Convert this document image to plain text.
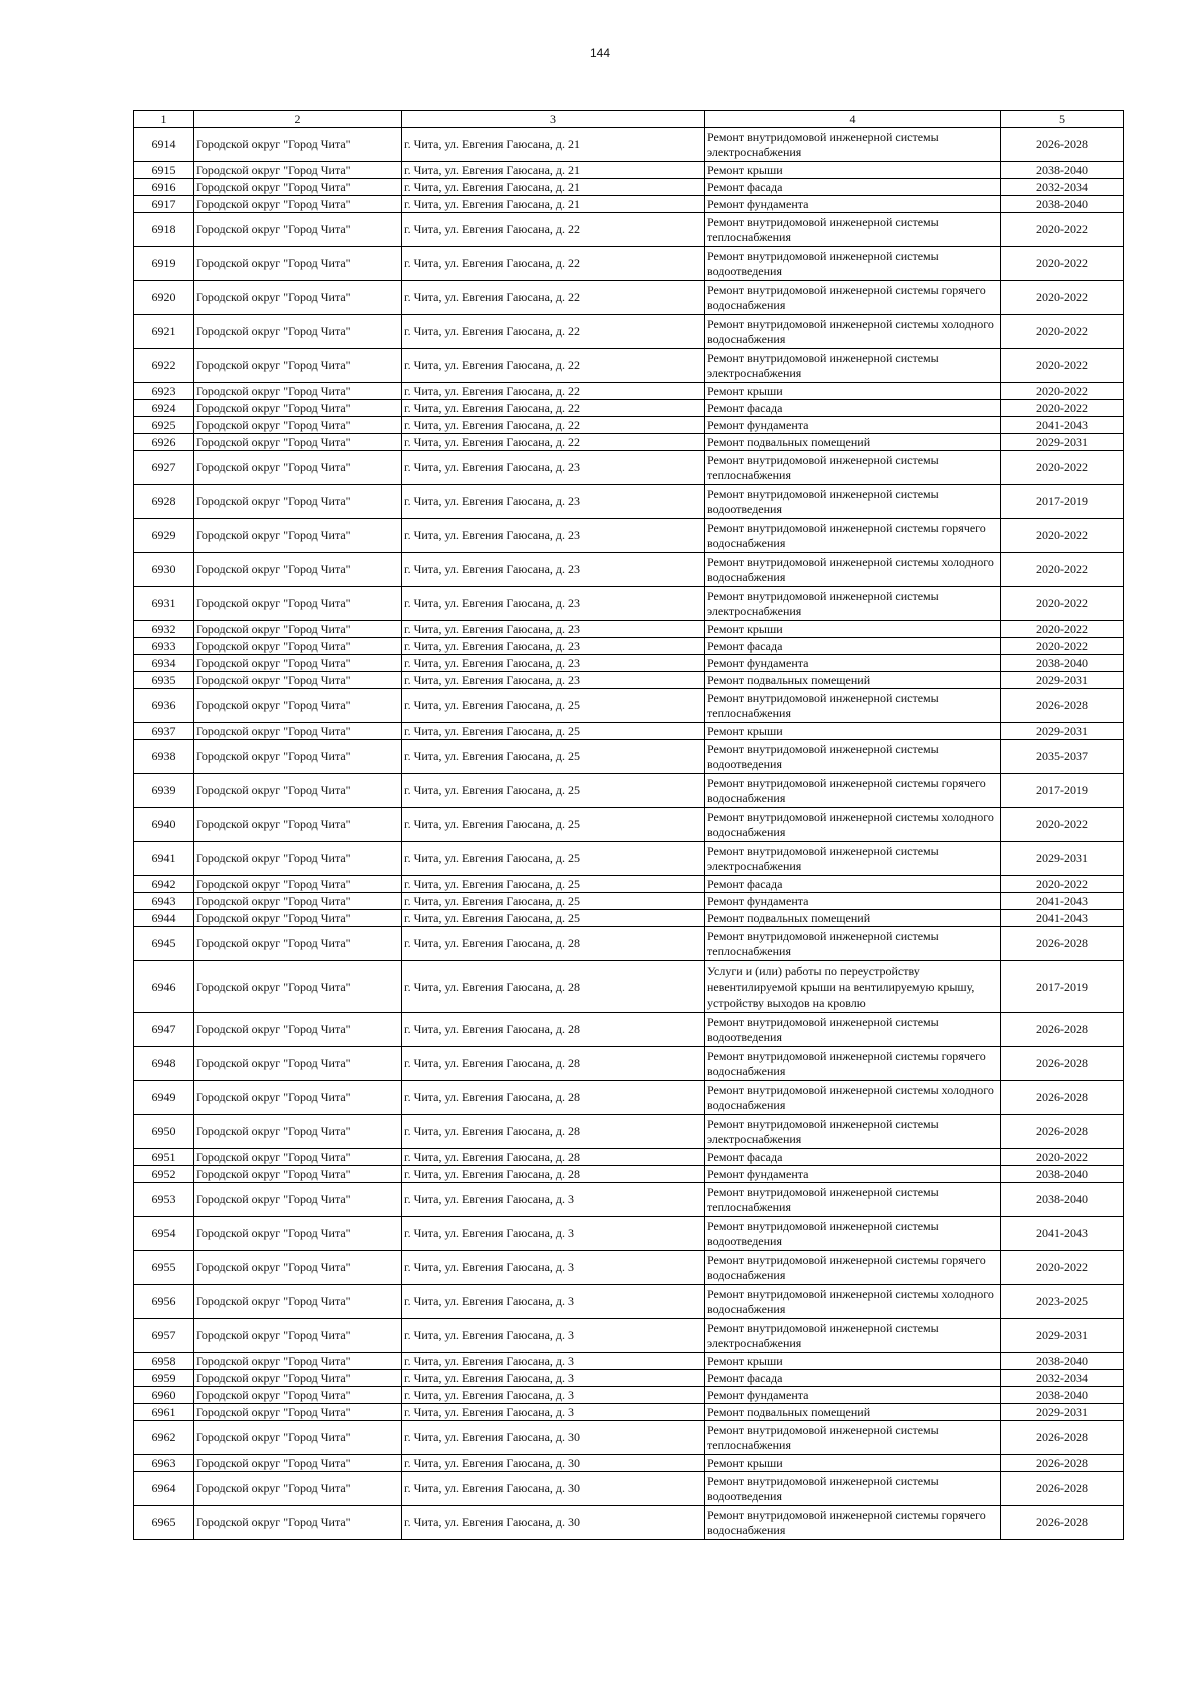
144
1	2	3	4	5
6914	Городской округ "Город Чита"	г. Чита, ул. Евгения Гаюсана, д. 21	Ремонт внутридомовой инженерной системы электроснабжения	2026-2028
6915	Городской округ "Город Чита"	г. Чита, ул. Евгения Гаюсана, д. 21	Ремонт крыши	2038-2040
6916	Городской округ "Город Чита"	г. Чита, ул. Евгения Гаюсана, д. 21	Ремонт фасада	2032-2034
6917	Городской округ "Город Чита"	г. Чита, ул. Евгения Гаюсана, д. 21	Ремонт фундамента	2038-2040
6918	Городской округ "Город Чита"	г. Чита, ул. Евгения Гаюсана, д. 22	Ремонт внутридомовой инженерной системы теплоснабжения	2020-2022
6919	Городской округ "Город Чита"	г. Чита, ул. Евгения Гаюсана, д. 22	Ремонт внутридомовой инженерной системы водоотведения	2020-2022
6920	Городской округ "Город Чита"	г. Чита, ул. Евгения Гаюсана, д. 22	Ремонт внутридомовой инженерной системы горячего водоснабжения	2020-2022
6921	Городской округ "Город Чита"	г. Чита, ул. Евгения Гаюсана, д. 22	Ремонт внутридомовой инженерной системы холодного водоснабжения	2020-2022
6922	Городской округ "Город Чита"	г. Чита, ул. Евгения Гаюсана, д. 22	Ремонт внутридомовой инженерной системы электроснабжения	2020-2022
6923	Городской округ "Город Чита"	г. Чита, ул. Евгения Гаюсана, д. 22	Ремонт крыши	2020-2022
6924	Городской округ "Город Чита"	г. Чита, ул. Евгения Гаюсана, д. 22	Ремонт фасада	2020-2022
6925	Городской округ "Город Чита"	г. Чита, ул. Евгения Гаюсана, д. 22	Ремонт фундамента	2041-2043
6926	Городской округ "Город Чита"	г. Чита, ул. Евгения Гаюсана, д. 22	Ремонт подвальных помещений	2029-2031
6927	Городской округ "Город Чита"	г. Чита, ул. Евгения Гаюсана, д. 23	Ремонт внутридомовой инженерной системы теплоснабжения	2020-2022
6928	Городской округ "Город Чита"	г. Чита, ул. Евгения Гаюсана, д. 23	Ремонт внутридомовой инженерной системы водоотведения	2017-2019
6929	Городской округ "Город Чита"	г. Чита, ул. Евгения Гаюсана, д. 23	Ремонт внутридомовой инженерной системы горячего водоснабжения	2020-2022
6930	Городской округ "Город Чита"	г. Чита, ул. Евгения Гаюсана, д. 23	Ремонт внутридомовой инженерной системы холодного водоснабжения	2020-2022
6931	Городской округ "Город Чита"	г. Чита, ул. Евгения Гаюсана, д. 23	Ремонт внутридомовой инженерной системы электроснабжения	2020-2022
6932	Городской округ "Город Чита"	г. Чита, ул. Евгения Гаюсана, д. 23	Ремонт крыши	2020-2022
6933	Городской округ "Город Чита"	г. Чита, ул. Евгения Гаюсана, д. 23	Ремонт фасада	2020-2022
6934	Городской округ "Город Чита"	г. Чита, ул. Евгения Гаюсана, д. 23	Ремонт фундамента	2038-2040
6935	Городской округ "Город Чита"	г. Чита, ул. Евгения Гаюсана, д. 23	Ремонт подвальных помещений	2029-2031
6936	Городской округ "Город Чита"	г. Чита, ул. Евгения Гаюсана, д. 25	Ремонт внутридомовой инженерной системы теплоснабжения	2026-2028
6937	Городской округ "Город Чита"	г. Чита, ул. Евгения Гаюсана, д. 25	Ремонт крыши	2029-2031
6938	Городской округ "Город Чита"	г. Чита, ул. Евгения Гаюсана, д. 25	Ремонт внутридомовой инженерной системы водоотведения	2035-2037
6939	Городской округ "Город Чита"	г. Чита, ул. Евгения Гаюсана, д. 25	Ремонт внутридомовой инженерной системы горячего водоснабжения	2017-2019
6940	Городской округ "Город Чита"	г. Чита, ул. Евгения Гаюсана, д. 25	Ремонт внутридомовой инженерной системы холодного водоснабжения	2020-2022
6941	Городской округ "Город Чита"	г. Чита, ул. Евгения Гаюсана, д. 25	Ремонт внутридомовой инженерной системы электроснабжения	2029-2031
6942	Городской округ "Город Чита"	г. Чита, ул. Евгения Гаюсана, д. 25	Ремонт фасада	2020-2022
6943	Городской округ "Город Чита"	г. Чита, ул. Евгения Гаюсана, д. 25	Ремонт фундамента	2041-2043
6944	Городской округ "Город Чита"	г. Чита, ул. Евгения Гаюсана, д. 25	Ремонт подвальных помещений	2041-2043
6945	Городской округ "Город Чита"	г. Чита, ул. Евгения Гаюсана, д. 28	Ремонт внутридомовой инженерной системы теплоснабжения	2026-2028
6946	Городской округ "Город Чита"	г. Чита, ул. Евгения Гаюсана, д. 28	Услуги и (или) работы по переустройству невентилируемой крыши на вентилируемую крышу, устройству выходов на кровлю	2017-2019
6947	Городской округ "Город Чита"	г. Чита, ул. Евгения Гаюсана, д. 28	Ремонт внутридомовой инженерной системы водоотведения	2026-2028
6948	Городской округ "Город Чита"	г. Чита, ул. Евгения Гаюсана, д. 28	Ремонт внутридомовой инженерной системы горячего водоснабжения	2026-2028
6949	Городской округ "Город Чита"	г. Чита, ул. Евгения Гаюсана, д. 28	Ремонт внутридомовой инженерной системы холодного водоснабжения	2026-2028
6950	Городской округ "Город Чита"	г. Чита, ул. Евгения Гаюсана, д. 28	Ремонт внутридомовой инженерной системы электроснабжения	2026-2028
6951	Городской округ "Город Чита"	г. Чита, ул. Евгения Гаюсана, д. 28	Ремонт фасада	2020-2022
6952	Городской округ "Город Чита"	г. Чита, ул. Евгения Гаюсана, д. 28	Ремонт фундамента	2038-2040
6953	Городской округ "Город Чита"	г. Чита, ул. Евгения Гаюсана, д. 3	Ремонт внутридомовой инженерной системы теплоснабжения	2038-2040
6954	Городской округ "Город Чита"	г. Чита, ул. Евгения Гаюсана, д. 3	Ремонт внутридомовой инженерной системы водоотведения	2041-2043
6955	Городской округ "Город Чита"	г. Чита, ул. Евгения Гаюсана, д. 3	Ремонт внутридомовой инженерной системы горячего водоснабжения	2020-2022
6956	Городской округ "Город Чита"	г. Чита, ул. Евгения Гаюсана, д. 3	Ремонт внутридомовой инженерной системы холодного водоснабжения	2023-2025
6957	Городской округ "Город Чита"	г. Чита, ул. Евгения Гаюсана, д. 3	Ремонт внутридомовой инженерной системы электроснабжения	2029-2031
6958	Городской округ "Город Чита"	г. Чита, ул. Евгения Гаюсана, д. 3	Ремонт крыши	2038-2040
6959	Городской округ "Город Чита"	г. Чита, ул. Евгения Гаюсана, д. 3	Ремонт фасада	2032-2034
6960	Городской округ "Город Чита"	г. Чита, ул. Евгения Гаюсана, д. 3	Ремонт фундамента	2038-2040
6961	Городской округ "Город Чита"	г. Чита, ул. Евгения Гаюсана, д. 3	Ремонт подвальных помещений	2029-2031
6962	Городской округ "Город Чита"	г. Чита, ул. Евгения Гаюсана, д. 30	Ремонт внутридомовой инженерной системы теплоснабжения	2026-2028
6963	Городской округ "Город Чита"	г. Чита, ул. Евгения Гаюсана, д. 30	Ремонт крыши	2026-2028
6964	Городской округ "Город Чита"	г. Чита, ул. Евгения Гаюсана, д. 30	Ремонт внутридомовой инженерной системы водоотведения	2026-2028
6965	Городской округ "Город Чита"	г. Чита, ул. Евгения Гаюсана, д. 30	Ремонт внутридомовой инженерной системы горячего водоснабжения	2026-2028
